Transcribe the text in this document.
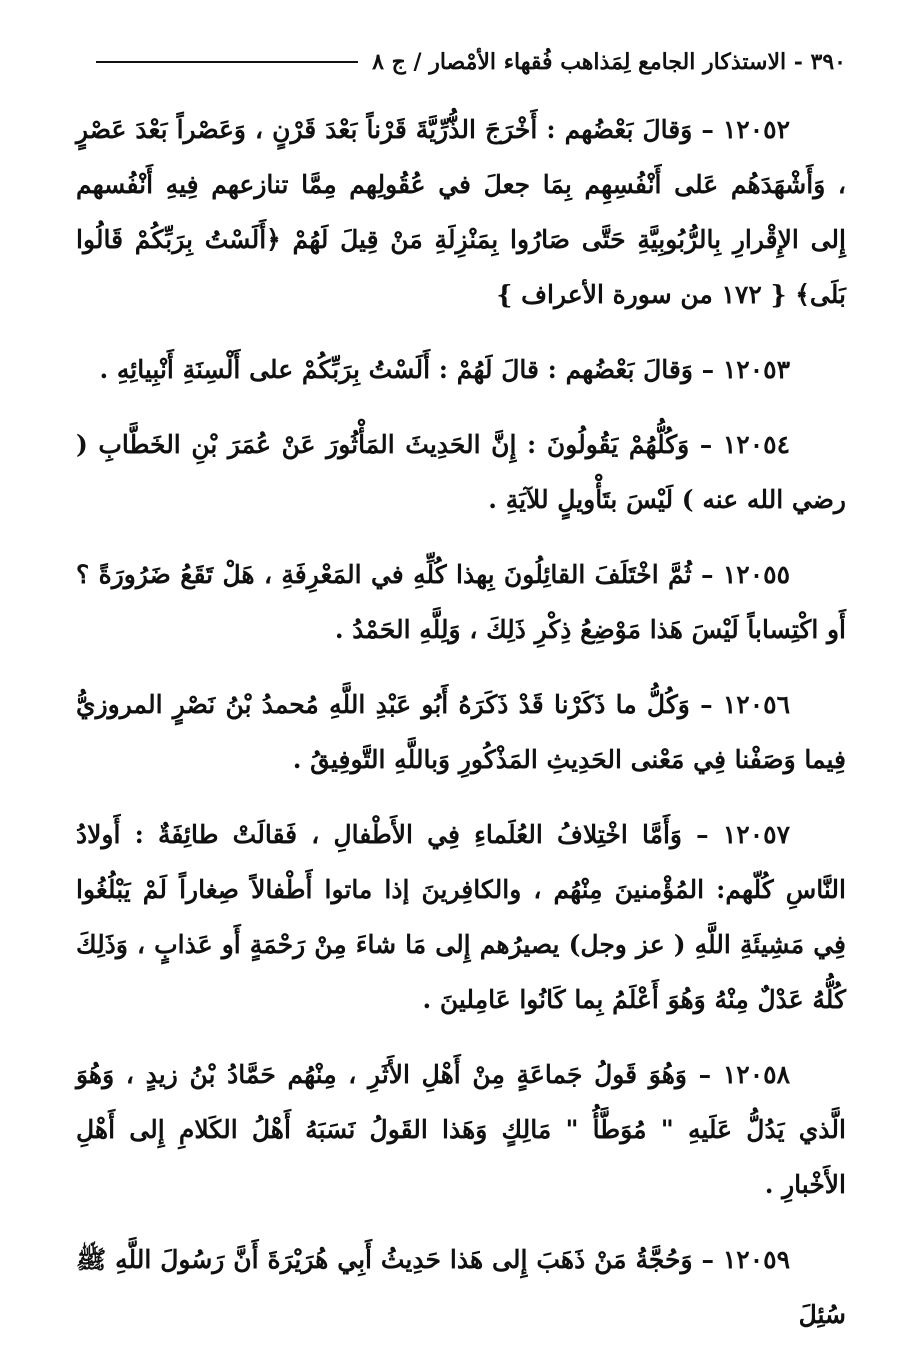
٣٩٠ - الاستذكار الجامع لِمَذاهب فُقهاء الأمْصار / ج ٨

١٢٠٥٢ – وَقالَ بَعْضُهم : أَخْرَجَ الذُّرِّيَّةَ قَرْناً بَعْدَ قَرْنٍ ، وَعَصْراً بَعْدَ عَصْرٍ ، وَأَشْهَدَهُم عَلى أَنْفُسِهِم بِمَا جعلَ في عُقُولِهم مِمَّا تنازعهم فِيهِ أَنْفُسهم إِلى الإِقْرارِ بِالرُّبُوبِيَّةِ حَتَّى صَارُوا بِمَنْزِلَةِ مَنْ قِيلَ لَهُمْ ﴿أَلَسْتُ بِرَبِّكُمْ قَالُوا بَلَى﴾ { ١٧٢ من سورة الأعراف }

١٢٠٥٣ – وَقالَ بَعْضُهم : قالَ لَهُمْ : أَلَسْتُ بِرَبِّكُمْ على أَلْسِنَةِ أَنْبِيائِهِ .

١٢٠٥٤ – وَكُلُّهُمْ يَقُولُونَ : إِنَّ الحَدِيثَ المَأْثُورَ عَنْ عُمَرَ بْنِ الخَطَّابِ ( رضي الله عنه ) لَيْسَ بتَأْويلٍ للآيَةِ .

١٢٠٥٥ – ثُمَّ اخْتَلَفَ القائِلُونَ بِهذا كُلِّهِ في المَعْرِفَةِ ، هَلْ تَقَعُ ضَرُورَةً ؟ أَو اكْتِساباً لَيْسَ هَذا مَوْضِعُ ذِكْرِ ذَلِكَ ، وَلِلَّهِ الحَمْدُ .

١٢٠٥٦ – وَكُلُّ ما ذَكَرْنا قَدْ ذَكَرَهُ أَبُو عَبْدِ اللَّهِ مُحمدُ بْنُ نَصْرٍ المروزيُّ فِيما وَصَفْنا فِي مَعْنى الحَدِيثِ المَذْكُورِ وَباللَّهِ التَّوفِيقُ .

١٢٠٥٧ – وَأَمَّا اخْتِلافُ العُلَماءِ فِي الأَطْفالِ ، فَقالَتْ طائِفَةٌ : أَولادُ النَّاسِ كُلّهم: المُؤْمنينَ مِنْهُم ، والكافِرينَ إذا ماتوا أَطْفالاً صِغاراً لَمْ يَبْلُغُوا فِي مَشِيئَةِ اللَّهِ ( عز وجل) يصيرُهم إِلى مَا شاءَ مِنْ رَحْمَةٍ أَو عَذابٍ ، وَذَلِكَ كُلُّهُ عَدْلٌ مِنْهُ وَهُوَ أَعْلَمُ بِما كَانُوا عَامِلينَ .

١٢٠٥٨ – وَهُوَ قَولُ جَماعَةٍ مِنْ أَهْلِ الأَثَرِ ، مِنْهُم حَمَّادُ بْنُ زيدٍ ، وَهُوَ الَّذي يَدُلُّ عَلَيهِ " مُوَطَّأُ " مَالِكٍ وَهَذا القَولُ نَسَبَهُ أَهْلُ الكَلامِ إِلى أَهْلِ الأَخْبارِ .

١٢٠٥٩ – وَحُجَّةُ مَنْ ذَهَبَ إِلى هَذا حَدِيثُ أَبِي هُرَيْرَةَ أَنَّ رَسُولَ اللَّهِ ﷺ سُئِلَ
